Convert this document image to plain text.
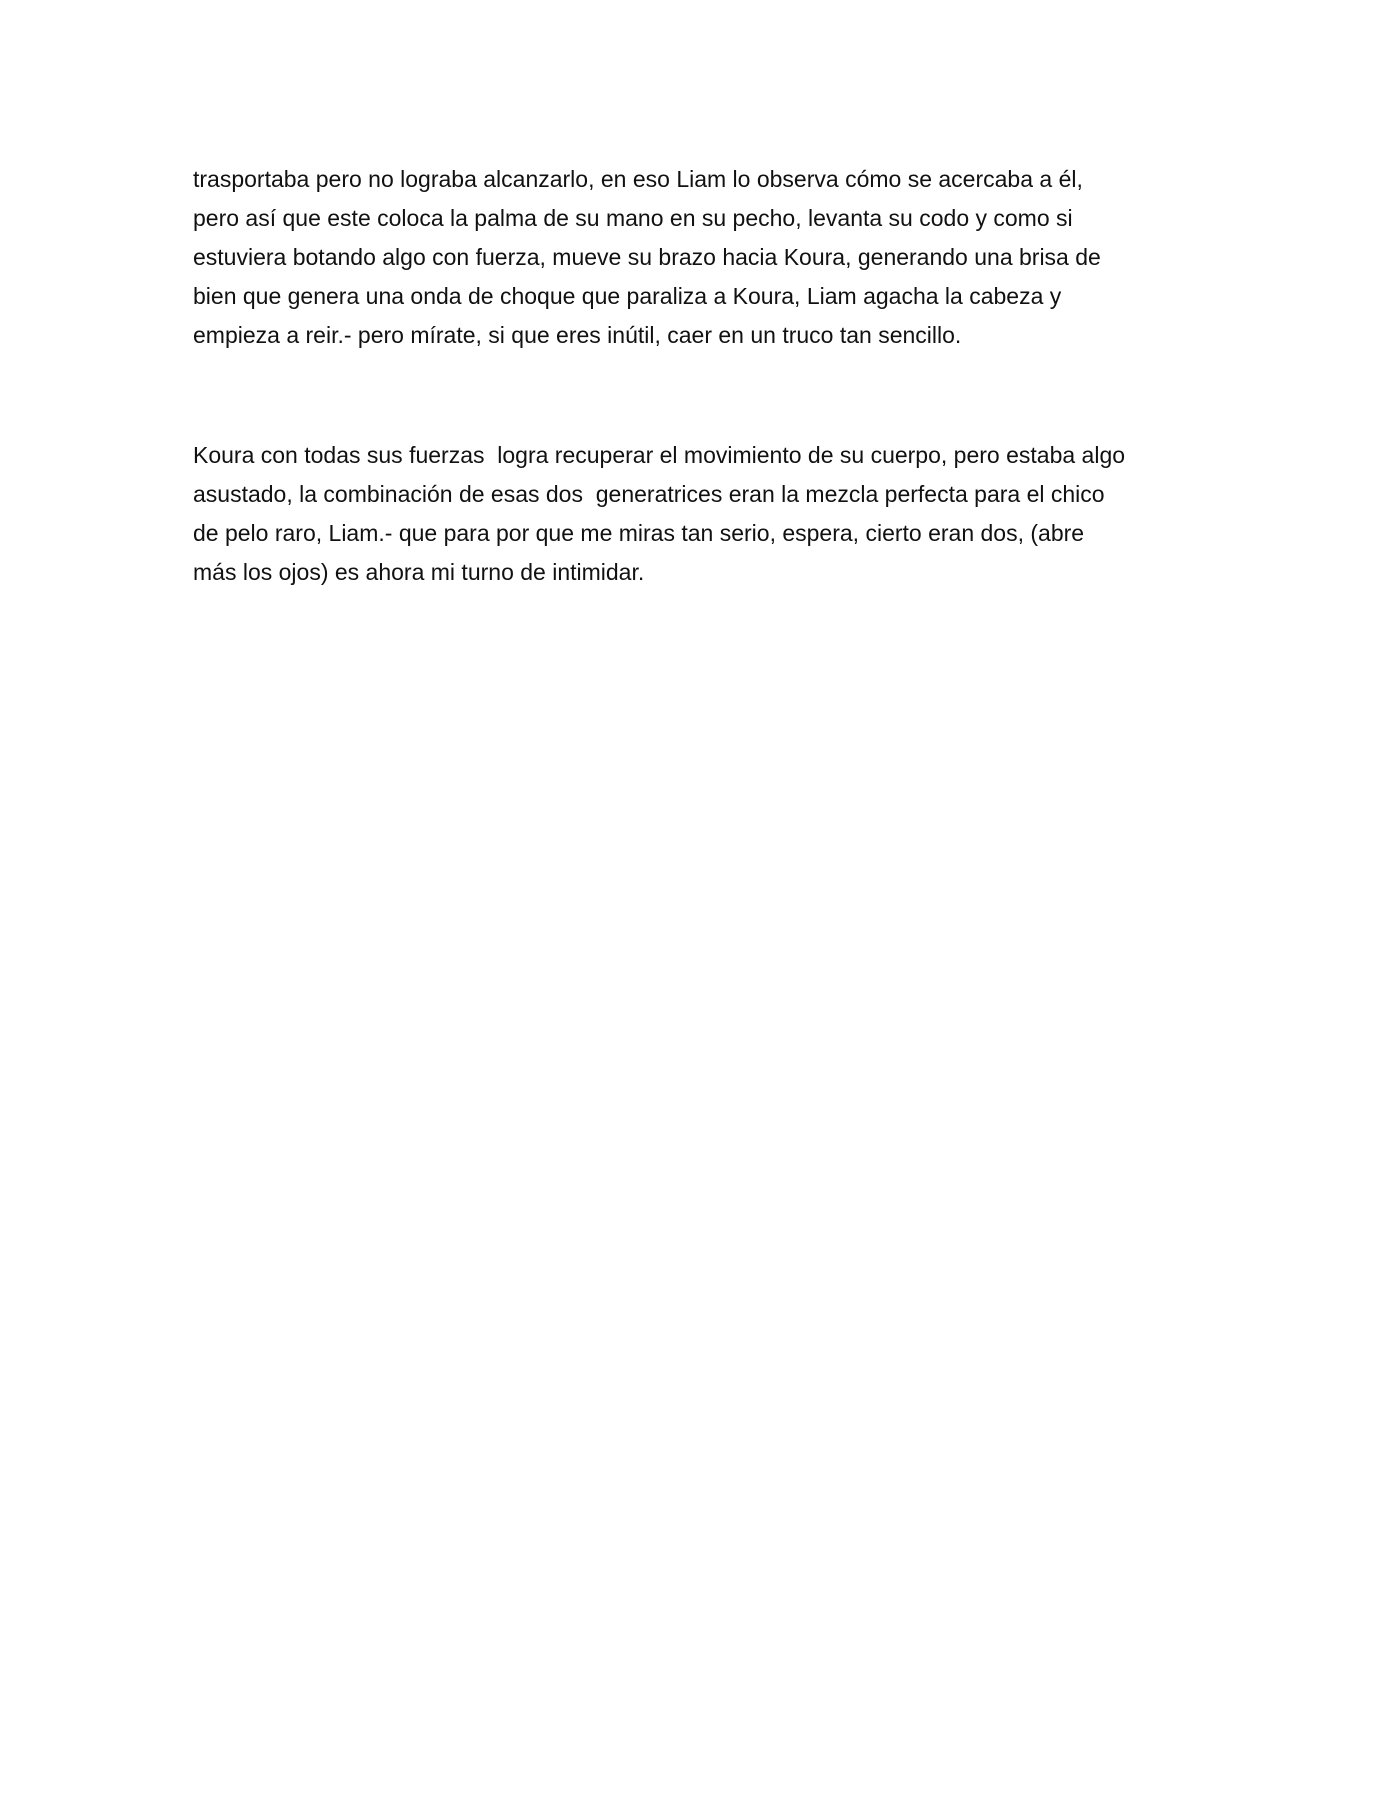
trasportaba pero no lograba alcanzarlo, en eso Liam lo observa cómo se acercaba a él,
pero así que este coloca la palma de su mano en su pecho, levanta su codo y como si
estuviera botando algo con fuerza, mueve su brazo hacia Koura, generando una brisa de
bien que genera una onda de choque que paraliza a Koura, Liam agacha la cabeza y
empieza a reir.- pero mírate, si que eres inútil, caer en un truco tan sencillo.
Koura con todas sus fuerzas  logra recuperar el movimiento de su cuerpo, pero estaba algo
asustado, la combinación de esas dos  generatrices eran la mezcla perfecta para el chico
de pelo raro, Liam.- que para por que me miras tan serio, espera, cierto eran dos, (abre
más los ojos) es ahora mi turno de intimidar.
